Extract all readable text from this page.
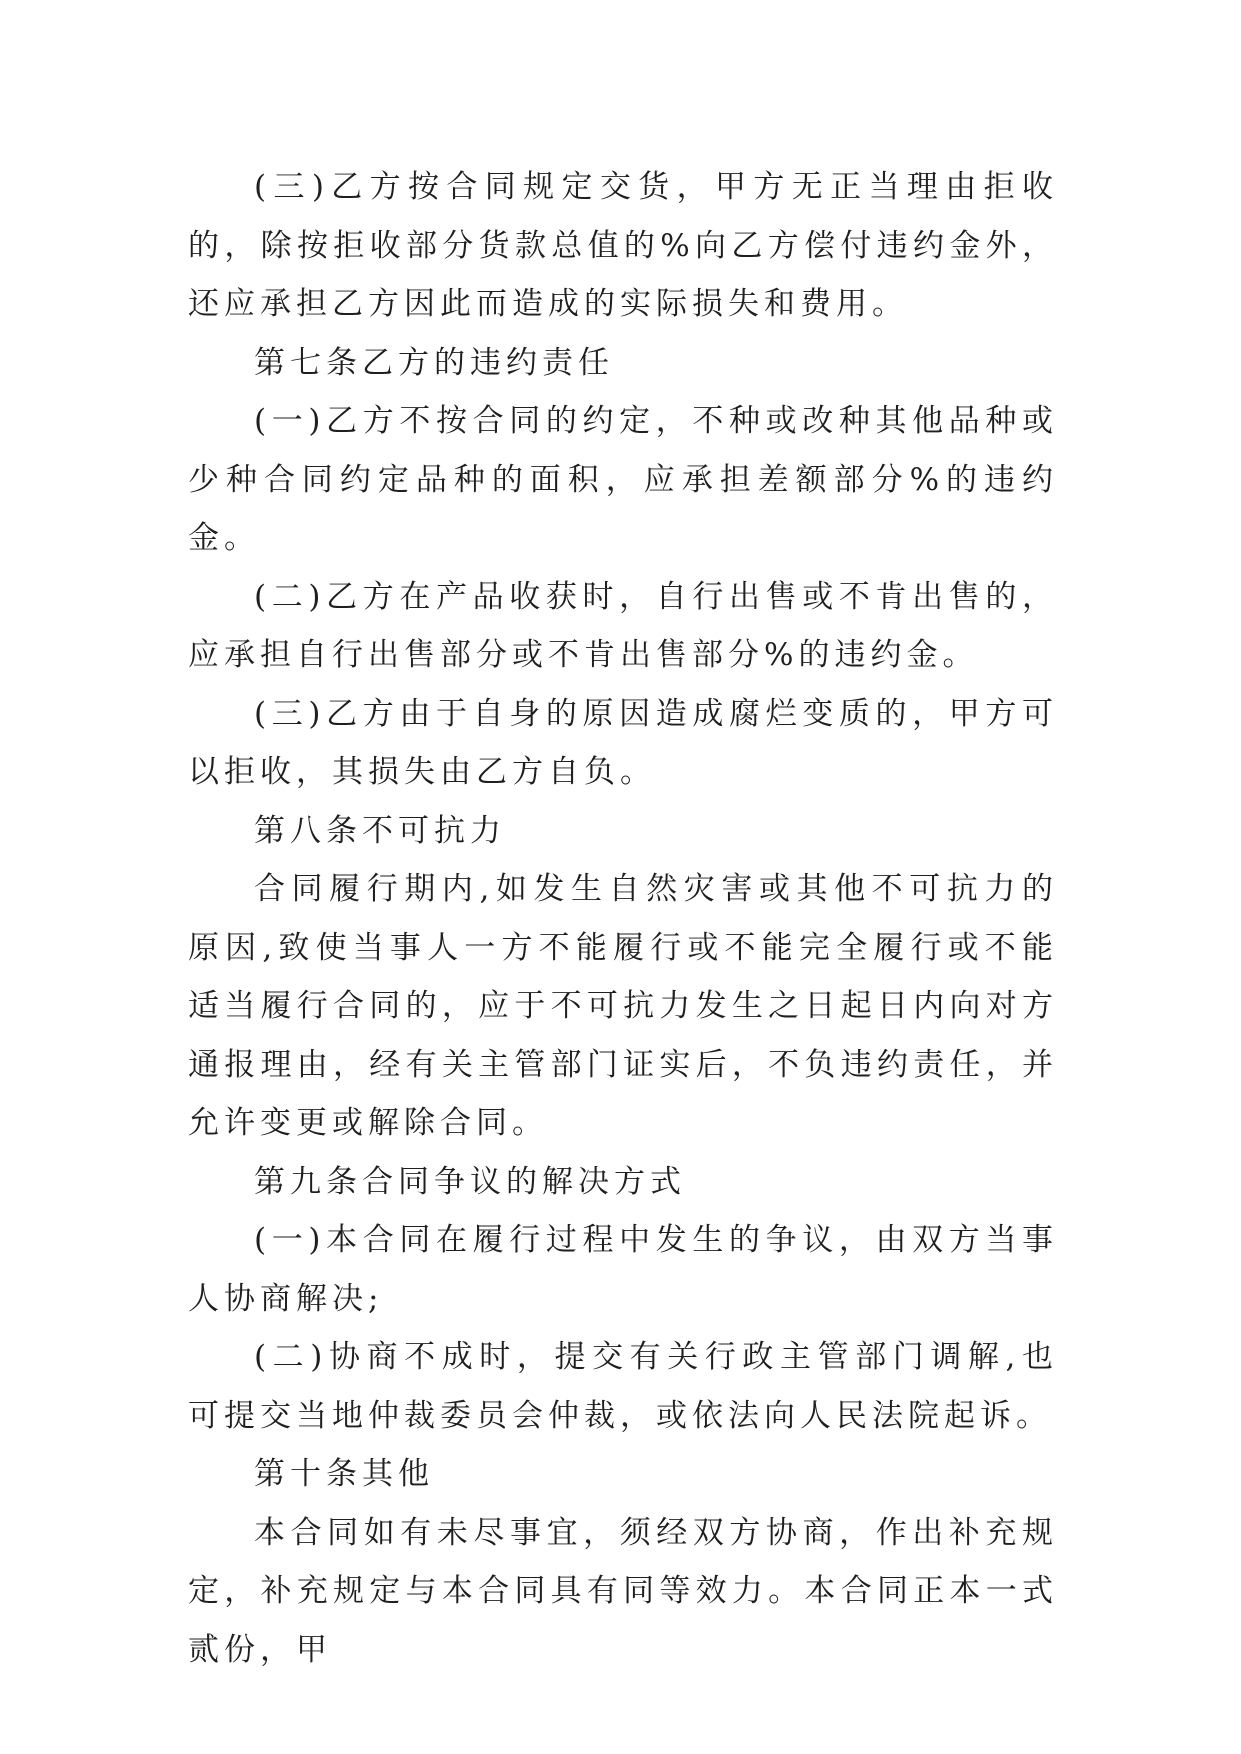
(三)乙方按合同规定交货，甲方无正当理由拒收的，除按拒收部分货款总值的%向乙方偿付违约金外，还应承担乙方因此而造成的实际损失和费用。

第七条乙方的违约责任

(一)乙方不按合同的约定，不种或改种其他品种或少种合同约定品种的面积，应承担差额部分%的违约金。

(二)乙方在产品收获时，自行出售或不肯出售的，应承担自行出售部分或不肯出售部分%的违约金。

(三)乙方由于自身的原因造成腐烂变质的，甲方可以拒收，其损失由乙方自负。

第八条不可抗力

合同履行期内,如发生自然灾害或其他不可抗力的原因,致使当事人一方不能履行或不能完全履行或不能适当履行合同的，应于不可抗力发生之日起日内向对方通报理由，经有关主管部门证实后，不负违约责任，并允许变更或解除合同。

第九条合同争议的解决方式

(一)本合同在履行过程中发生的争议，由双方当事人协商解决;

(二)协商不成时，提交有关行政主管部门调解,也可提交当地仲裁委员会仲裁，或依法向人民法院起诉。

第十条其他

本合同如有未尽事宜，须经双方协商，作出补充规定，补充规定与本合同具有同等效力。本合同正本一式贰份，甲
